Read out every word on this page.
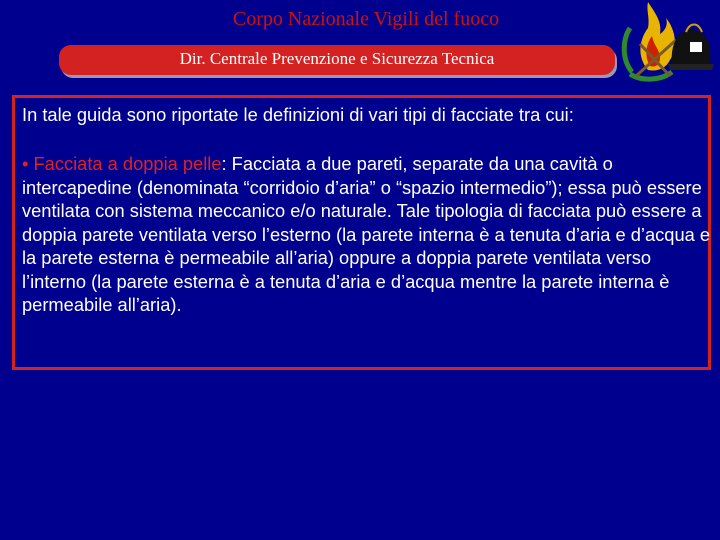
Corpo Nazionale Vigili del fuoco
Dir. Centrale Prevenzione e Sicurezza Tecnica

In tale guida sono riportate le definizioni di vari tipi di facciate tra cui:

• Facciata a doppia pelle: Facciata a due pareti, separate da una cavità o intercapedine (denominata “corridoio d’aria” o “spazio intermedio”); essa può essere ventilata con sistema meccanico e/o naturale. Tale tipologia di facciata può essere a doppia parete ventilata verso l’esterno (la parete interna è a tenuta d’aria e d’acqua e la parete esterna è permeabile all’aria) oppure a doppia parete ventilata verso l’interno (la parete esterna è a tenuta d’aria e d’acqua mentre la parete interna è permeabile all’aria).
